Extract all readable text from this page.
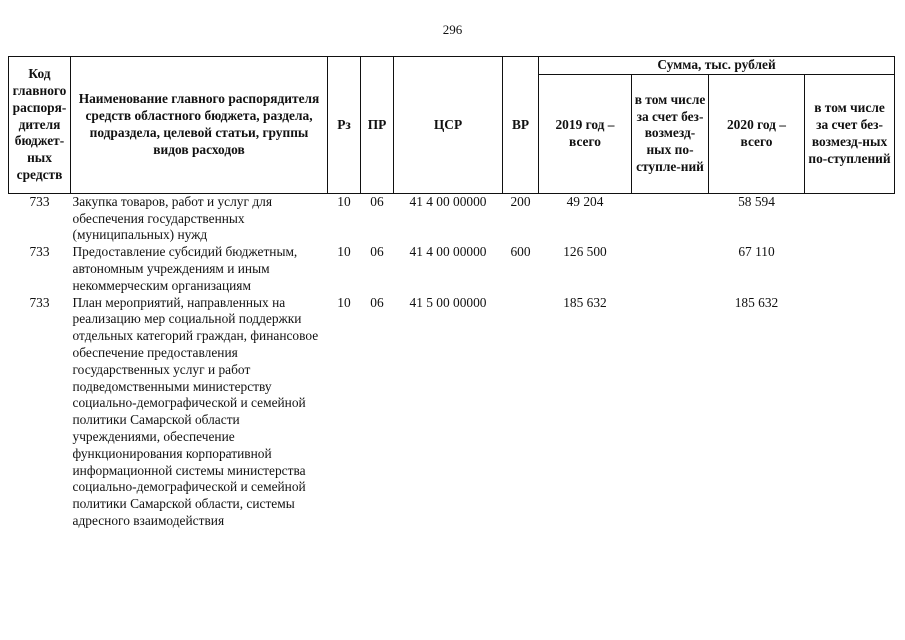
296
Код главного распоря-дителя бюджет-ных средств	Наименование главного распорядителя средств областного бюджета, раздела, подраздела, целевой статьи, группы видов расходов	Рз	ПР	ЦСР	ВР	Сумма, тыс. рублей			
						2019 год – всего	в том числе за счет без-возмезд-ных по-ступле-ний	2020 год – всего	в том числе за счет без-возмезд-ных по-ступлений
733	Закупка товаров, работ и услуг для обеспечения государственных (муниципальных) нужд	10	06	41 4 00 00000	200	49 204		58 594	
733	Предоставление субсидий бюджетным, автономным учреждениям и иным некоммерческим организациям	10	06	41 4 00 00000	600	126 500		67 110	
733	План мероприятий, направленных на реализацию мер социальной поддержки отдельных категорий граждан, финансовое обеспечение предоставления государственных услуг и работ подведомственными министерству социально-демографической и семейной политики Самарской области учреждениями, обеспечение функционирования корпоративной информационной системы министерства социально-демографической и семейной политики Самарской области, системы адресного взаимодействия	10	06	41 5 00 00000		185 632		185 632	
